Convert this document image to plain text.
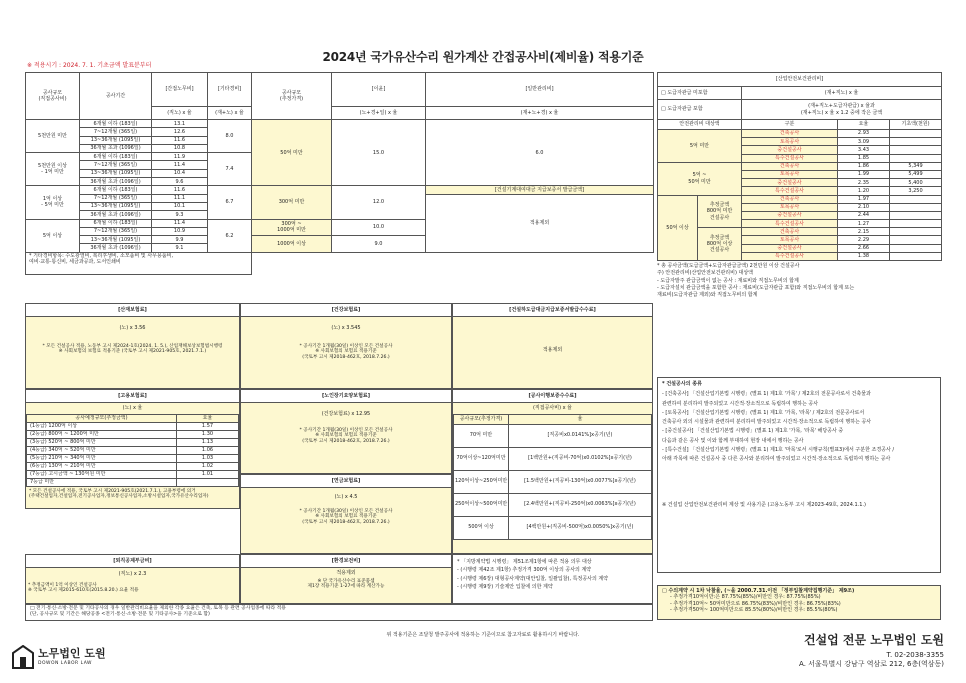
2024년 국가유산수리 원가계산 간접공사비(제비율) 적용기준
※ 적용시기 : 2024. 7. 1. 기초금액 발표분부터
공사규모
(직접공사비)	공사기간	[간접노무비]	[기타경비]	공사규모
(추정가격)	[이윤]	[일반관리비]
		(직노) x 율	(재+노) x 율		(노+경+일) x 율	(재+노+경) x 율
5천만원 미만	6개월 이하 (183일)	13.1	8.0	50억 미만	15.0	6.0
	7~12개월 (365일)	12.6				
	13~36개월 (1095일)	11.6				
	36개월 초과 (1096일)	10.8				
5천만원 이상
- 1억 미만	6개월 이하 (183일)	11.9	7.4			
	7~12개월 (365일)	11.4				
	13~36개월 (1095일)	10.4				
	36개월 초과 (1096일)	9.6				
1억 이상
- 5억 미만	6개월 이하 (183일)	11.6	6.7	300억 미만	12.0	[건설기계대여대금 지급보증서 발급금액]
	7~12개월 (365일)	11.1				적용제외
	13~36개월 (1095일)	10.1				
	36개월 초과 (1096일)	9.3				
5억 이상	6개월 이하 (183일)	11.4	6.2	300억 ~
1000억 미만	10.0	
	7~12개월 (365일)	10.9				
	13~36개월 (1095일)	9.9		1000억 이상	9.0	
	36개월 초과 (1096일)	9.1				
* 기타경비항목: 수도광열비, 복리후생비, 소모품비 및 사무용품비,
여비·교통·통신비, 세금과공과, 도서인쇄비						
[산업안전보건관리비]				
□ 도급자관급 미포함		(재+직노) x 율		
□ 도급자관급 포함		(재+직노+도급자관급) x 율과
(재+직노) x 율 x 1.2 중에 작은 금액		
안전관리비 대상액		구분	요율	기초액(천원)
5억 미만		건축공사	2.93	
		토목공사	3.09	
		중건설공사	3.43	
		특수건설공사	1.85	
5억 ~
50억 미만		건축공사	1.86	5,349
		토목공사	1.99	5,499
		중건설공사	2.35	5,400
		특수건설공사	1.20	3,250
50억 이상	추정금액
800억 미만
건설공사	건축공사	1.97	
		토목공사	2.10	
		중건설공사	2.44	
		특수건설공사	1.27	
	추정금액
800억 이상
건설공사	건축공사	2.15	
		토목공사	2.29	
		중건설공사	2.66	
		특수건설공사	1.38	
* 총 공사금액(도급금액+도급자관급금액) 2천만원 이상 건설공사
주) 안전관리비(산업안전보건관리비) 대상액
- 도급자발주 관급금액이 없는 공사 : 재료비와 직접노무비의 합계
- 도급자설치 관급금액을 포함한 공사 : 재료비(도급자관급 포함)와 직접노무비의 합계 또는
재료비(도급자관급 제외)와 직접노무비의 합계
[산재보험료]
(노) x 3.56
* 모든 건설공사 적용, 노동부 고시 제2024-1호(2024. 1. 5.), 산업재해보상보험법시행령
※ 사회보험의 보험료 적용기준 (국토부 고시 제2021-905호, 2021.7.1.)
[건강보험료]
(노) x 3.545
* 공사기간 1개월(30일) 이상인 모든 건설공사
※ 사회보험의 보험료 적용기준
(국토부 고시 제2018-462호, 2018.7.26.)
[건설하도급대금지급보증서발급수수료]
적용제외
[고용보험료]
(노) x 율
공사예정규모(추정금액)	요율
(1등급) 1200억 이상	1.57
(2등급) 800억 ~ 1200억 미만	1.30
(3등급) 520억 ~ 800억 미만	1.13
(4등급) 340억 ~ 520억 미만	1.06
(5등급) 210억 ~ 340억 미만	1.03
(6등급) 130억 ~ 210억 미만	1.02
(7등급) 고시금액 ~ 130억원 미만	1.01
7등급 미만	
* 모든 건설공사에 적용, 국토부 고시 제2021-905호(2021.7.1.), 고용부령에 의거
(주택건설업자,건설업자,전기공사업자,정보통신공사업자,소방시설업자,국가유산수리업자)
[노인장기요양보험료]
(건강보험료) x 12.95
* 공사기간 1개월(30일) 이상인 모든 건설공사
※ 사회보험의 보험료 적용기준
(국토부 고시 제2018-462호, 2018.7.26.)
[연금보험료]
(노) x 4.5
* 공사기간 1개월(30일) 이상인 모든 건설공사
※ 사회보험의 보험료 적용기준
(국토부 고시 제2018-462호, 2018.7.26.)
[공사이행보증수수료]
(직접공사비) x 율
공사규모(추정가격)	율
70억 미만	[직공비x0.0141%]x공기(년)
70억이상~120억미만	[1백만원+(직공비-70억)x0.0102%]x공기(년)
120억이상~250억미만	[1.5백만원+(직공비-130억)x0.0077%]x공기(년)
250억이상~500억미만	[2.4백만원+(직공비-250억)x0.0063%]x공기(년)
500억 이상	[4백만원+(직공비-500억)x0.0050%]x공기(년)
[퇴직공제부금비]
(직노) x 2.3
* 추정금액이 1억 이상인 건설공사
※ 국토부 고시 제2015-610호(2015.8.20.) 요율 적용
[환경보전비]
적용제외
※ 단 국가유산수리 표준품셈
제1장 적용기준 1-27에 따라 계산가능
* 「지방계약법 시행령」 제51조제1항에 따른 적용 의무 대상
- (시행령 제42조 제1항) 추정가격 300억 이상의 공사의 계약
- (시행령 제6장) 대형공사계약(대안입찰, 일괄입찰), 특정공사의 계약
- (시행령 제9장) 기술제안 입찰에 의한 계약
□ 전기·통신·소방·전문 및 기타공사의 경우 일반관리비요율을 제외한 각종 요율은 건축, 토목 등 관련 공사업종에 따라 적용
(단, 공사규모 및 기간은 해당공종 <전기·통신·소방·전문 및 기타공사>을 기준으로 함)
* 건설공사의 종류
- [건축공사] 「건설산업기본법 시행령」(별표 1) 제1호 '가목' / 제2호의 전문공사로서 건축물과
관련하여 분리하여 발주되었고 시간적·장소적으로 독립하여 행하는 공사
- [토목공사] 「건설산업기본법 시행령」(별표 1) 제1호 '가목, '라목' / 제2호의 전문공사로서
건축공사 외의 시설물과 관련하여 분리하여 발주되었고 시간적·장소적으로 독립하여 행하는 공사
- [중건설공사] 「건설산업기본법 시행령」(별표 1) 제1호 '가목, '라목' 해당공사 중
다음과 같은 공사 및 이와 함께 부대하여 현장 내에서 행하는 공사
- [특수건설] 「건설산업기본법 시행령」(별표 1) 제1호 '마목'로서 시행규칙(별표3)에서 구분한 조경공사 /
아래 각목에 따른 건설공사 중 다른 공사와 분리하여 발주되었고 시간적·장소적으로 독립하여 행하는 공사
※ 건설업 산업안전보건관리비 계상 및 사용기준 (고용노동부 고시 제2023-49호, 2024.1.1.)
□ 수의계약 시 1차 낙찰율, (~을 2000.7.31.이전 「정부입찰계약집행기준」 제9조)
- 추정가격10억이만:은 87.75%(85%)/비만인 경우: 87.75%(85%)
- 추정가격10억~ 50억미만으로 86.75%(83%)/비만인 경우: 86.75%(83%)
- 추정가격50억~ 100억미만으로 85.5%(80%)/비만인 경우: 85.5%(80%)
위 적용기준은 조달청 발주공사에 적용하는 기준이므로 참고자료로 활용하시기 바랍니다.
노무법인 도원
DOWON LABOR LAW
건설업 전문 노무법인 도원
T. 02-2038-3355
A. 서울특별시 강남구 역삼로 212, 6층(역삼동)
